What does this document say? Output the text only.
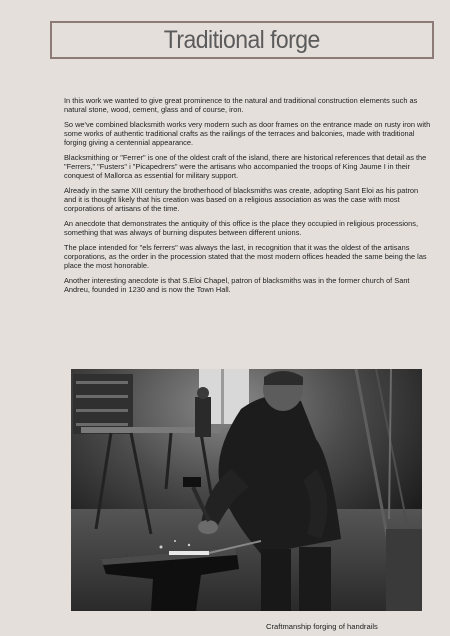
Traditional forge

In this work we wanted to give great prominence to the natural and traditional construction elements such as natural stone, wood, cement, glass and of course, iron.

So we've combined blacksmith works very modern such as door frames on the entrance made on rusty iron with some works of authentic traditional crafts as the railings of the terraces and balconies, made with traditional forging giving a centennial appearance.

Blacksmithing or "Ferrer" is one of the oldest craft of the island, there are historical references that detail as the "Ferrers," "Fusters" i "Picapedrers" were the artisans who accompanied the troops of King Jaume I in their conquest of Mallorca as essential for military support.

Already in the same XIII century the brotherhood of blacksmiths was create, adopting Sant Eloi as his patron and it is thought likely that his creation was based on a religious association as was the case with most corporations of artisans of the time.

An anecdote that demonstrates the antiquity of this office is the place they occupied in religious processions, something that was always of burning disputes between different unions.

The place intended for "els ferrers" was always the last, in recognition that it was the oldest of the artisans corporations, as the order in the procession stated that the most modern offices headed the same being the las place the most honorable.

Another interesting anecdote is that S.Eloi Chapel, patron of blacksmiths was in the former church of Sant Andreu, founded in 1230 and is now the Town Hall.

Craftmanship forging of handrails
